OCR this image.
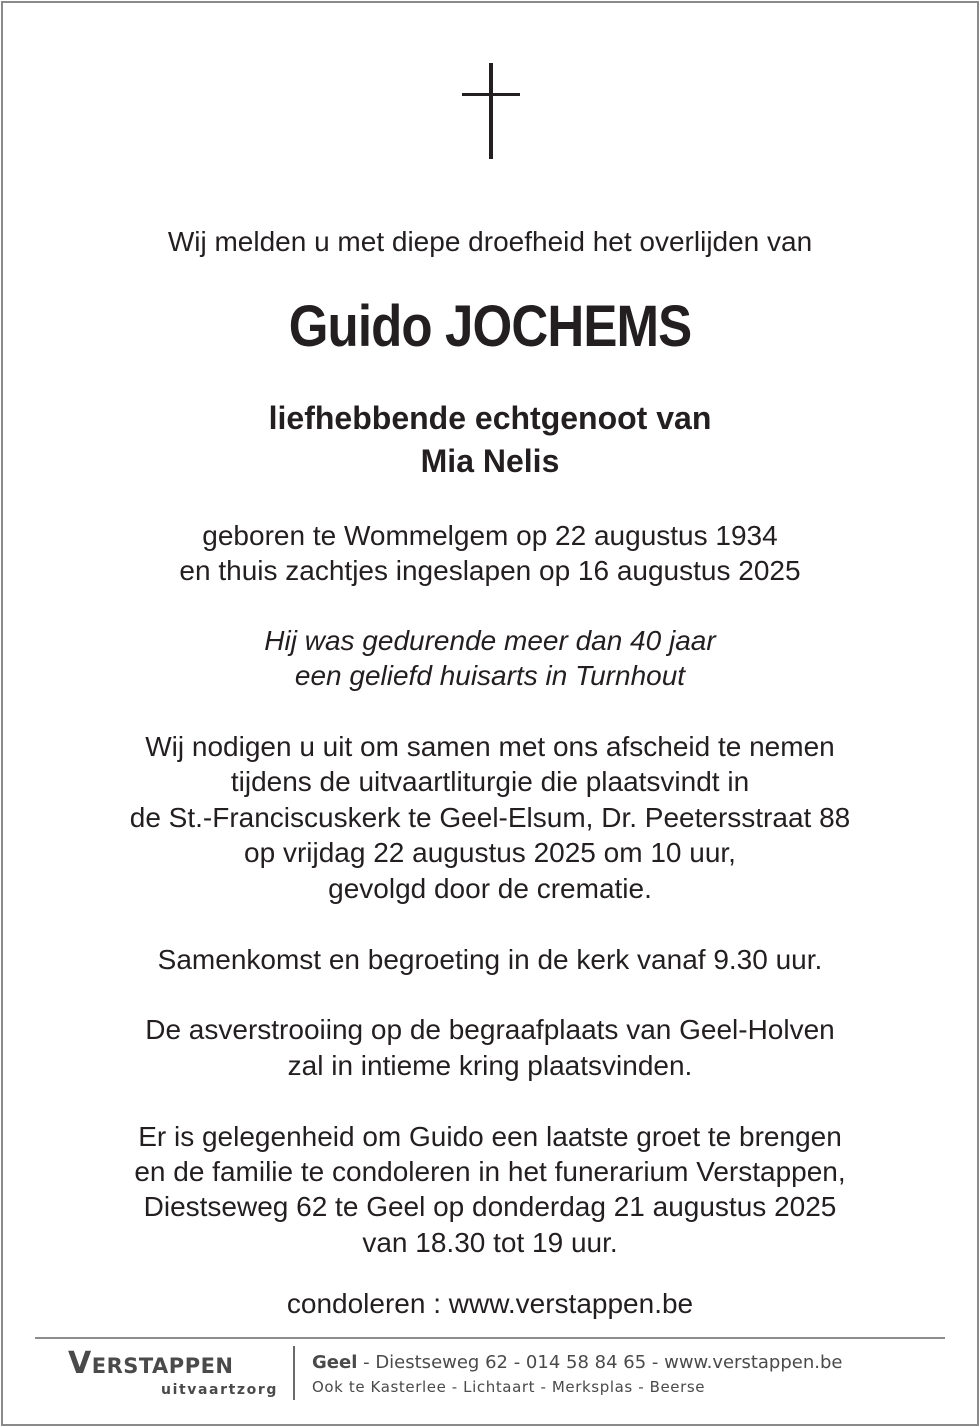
Wij melden u met diepe droefheid het overlijden van
Guido JOCHEMS
liefhebbende echtgenoot van
Mia Nelis
geboren te Wommelgem op 22 augustus 1934
en thuis zachtjes ingeslapen op 16 augustus 2025
Hij was gedurende meer dan 40 jaar
een geliefd huisarts in Turnhout
Wij nodigen u uit om samen met ons afscheid te nemen
tijdens de uitvaartliturgie die plaatsvindt in
de St.-Franciscuskerk te Geel-Elsum, Dr. Peetersstraat 88
op vrijdag 22 augustus 2025 om 10 uur,
gevolgd door de crematie.
Samenkomst en begroeting in de kerk vanaf 9.30 uur.
De asverstrooiing op de begraafplaats van Geel-Holven
zal in intieme kring plaatsvinden.
Er is gelegenheid om Guido een laatste groet te brengen
en de familie te condoleren in het funerarium Verstappen,
Diestseweg 62 te Geel op donderdag 21 augustus 2025
van 18.30 tot 19 uur.
condoleren : www.verstappen.be
Verstappen
uitvaartzorg
Geel - Diestseweg 62 - 014 58 84 65 - www.verstappen.be
Ook te Kasterlee - Lichtaart - Merksplas - Beerse
